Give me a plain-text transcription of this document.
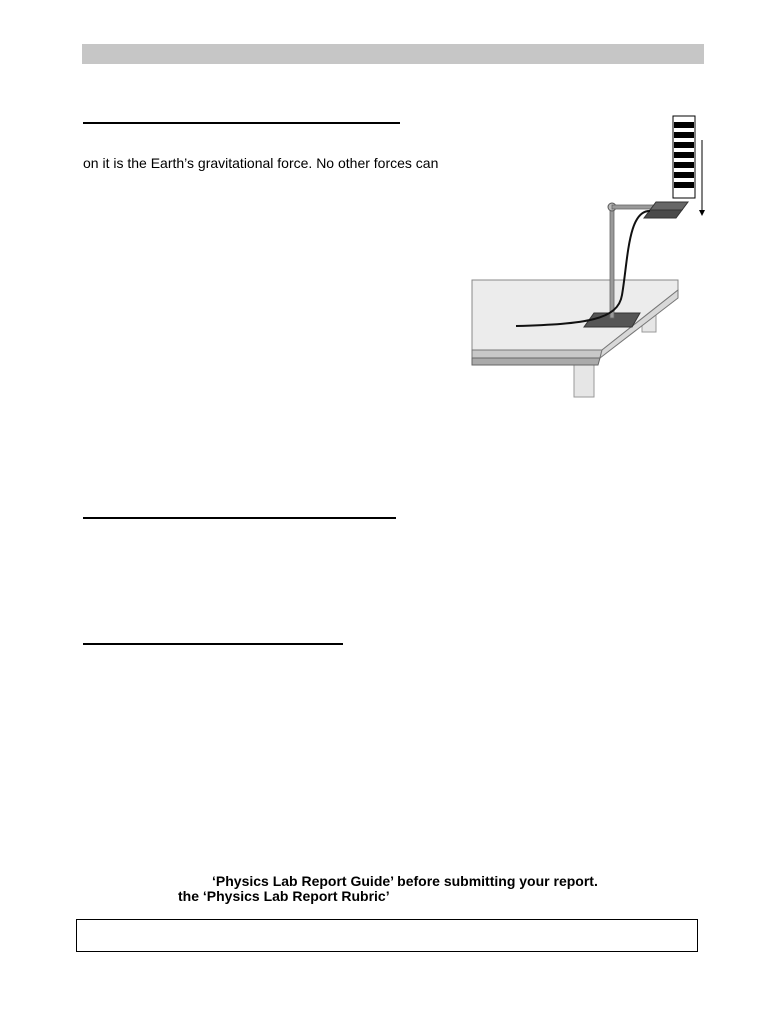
on it is the Earth’s gravitational force. No other forces can
‘Physics Lab Report Guide’ before submitting your report.
the ‘Physics Lab Report Rubric’
